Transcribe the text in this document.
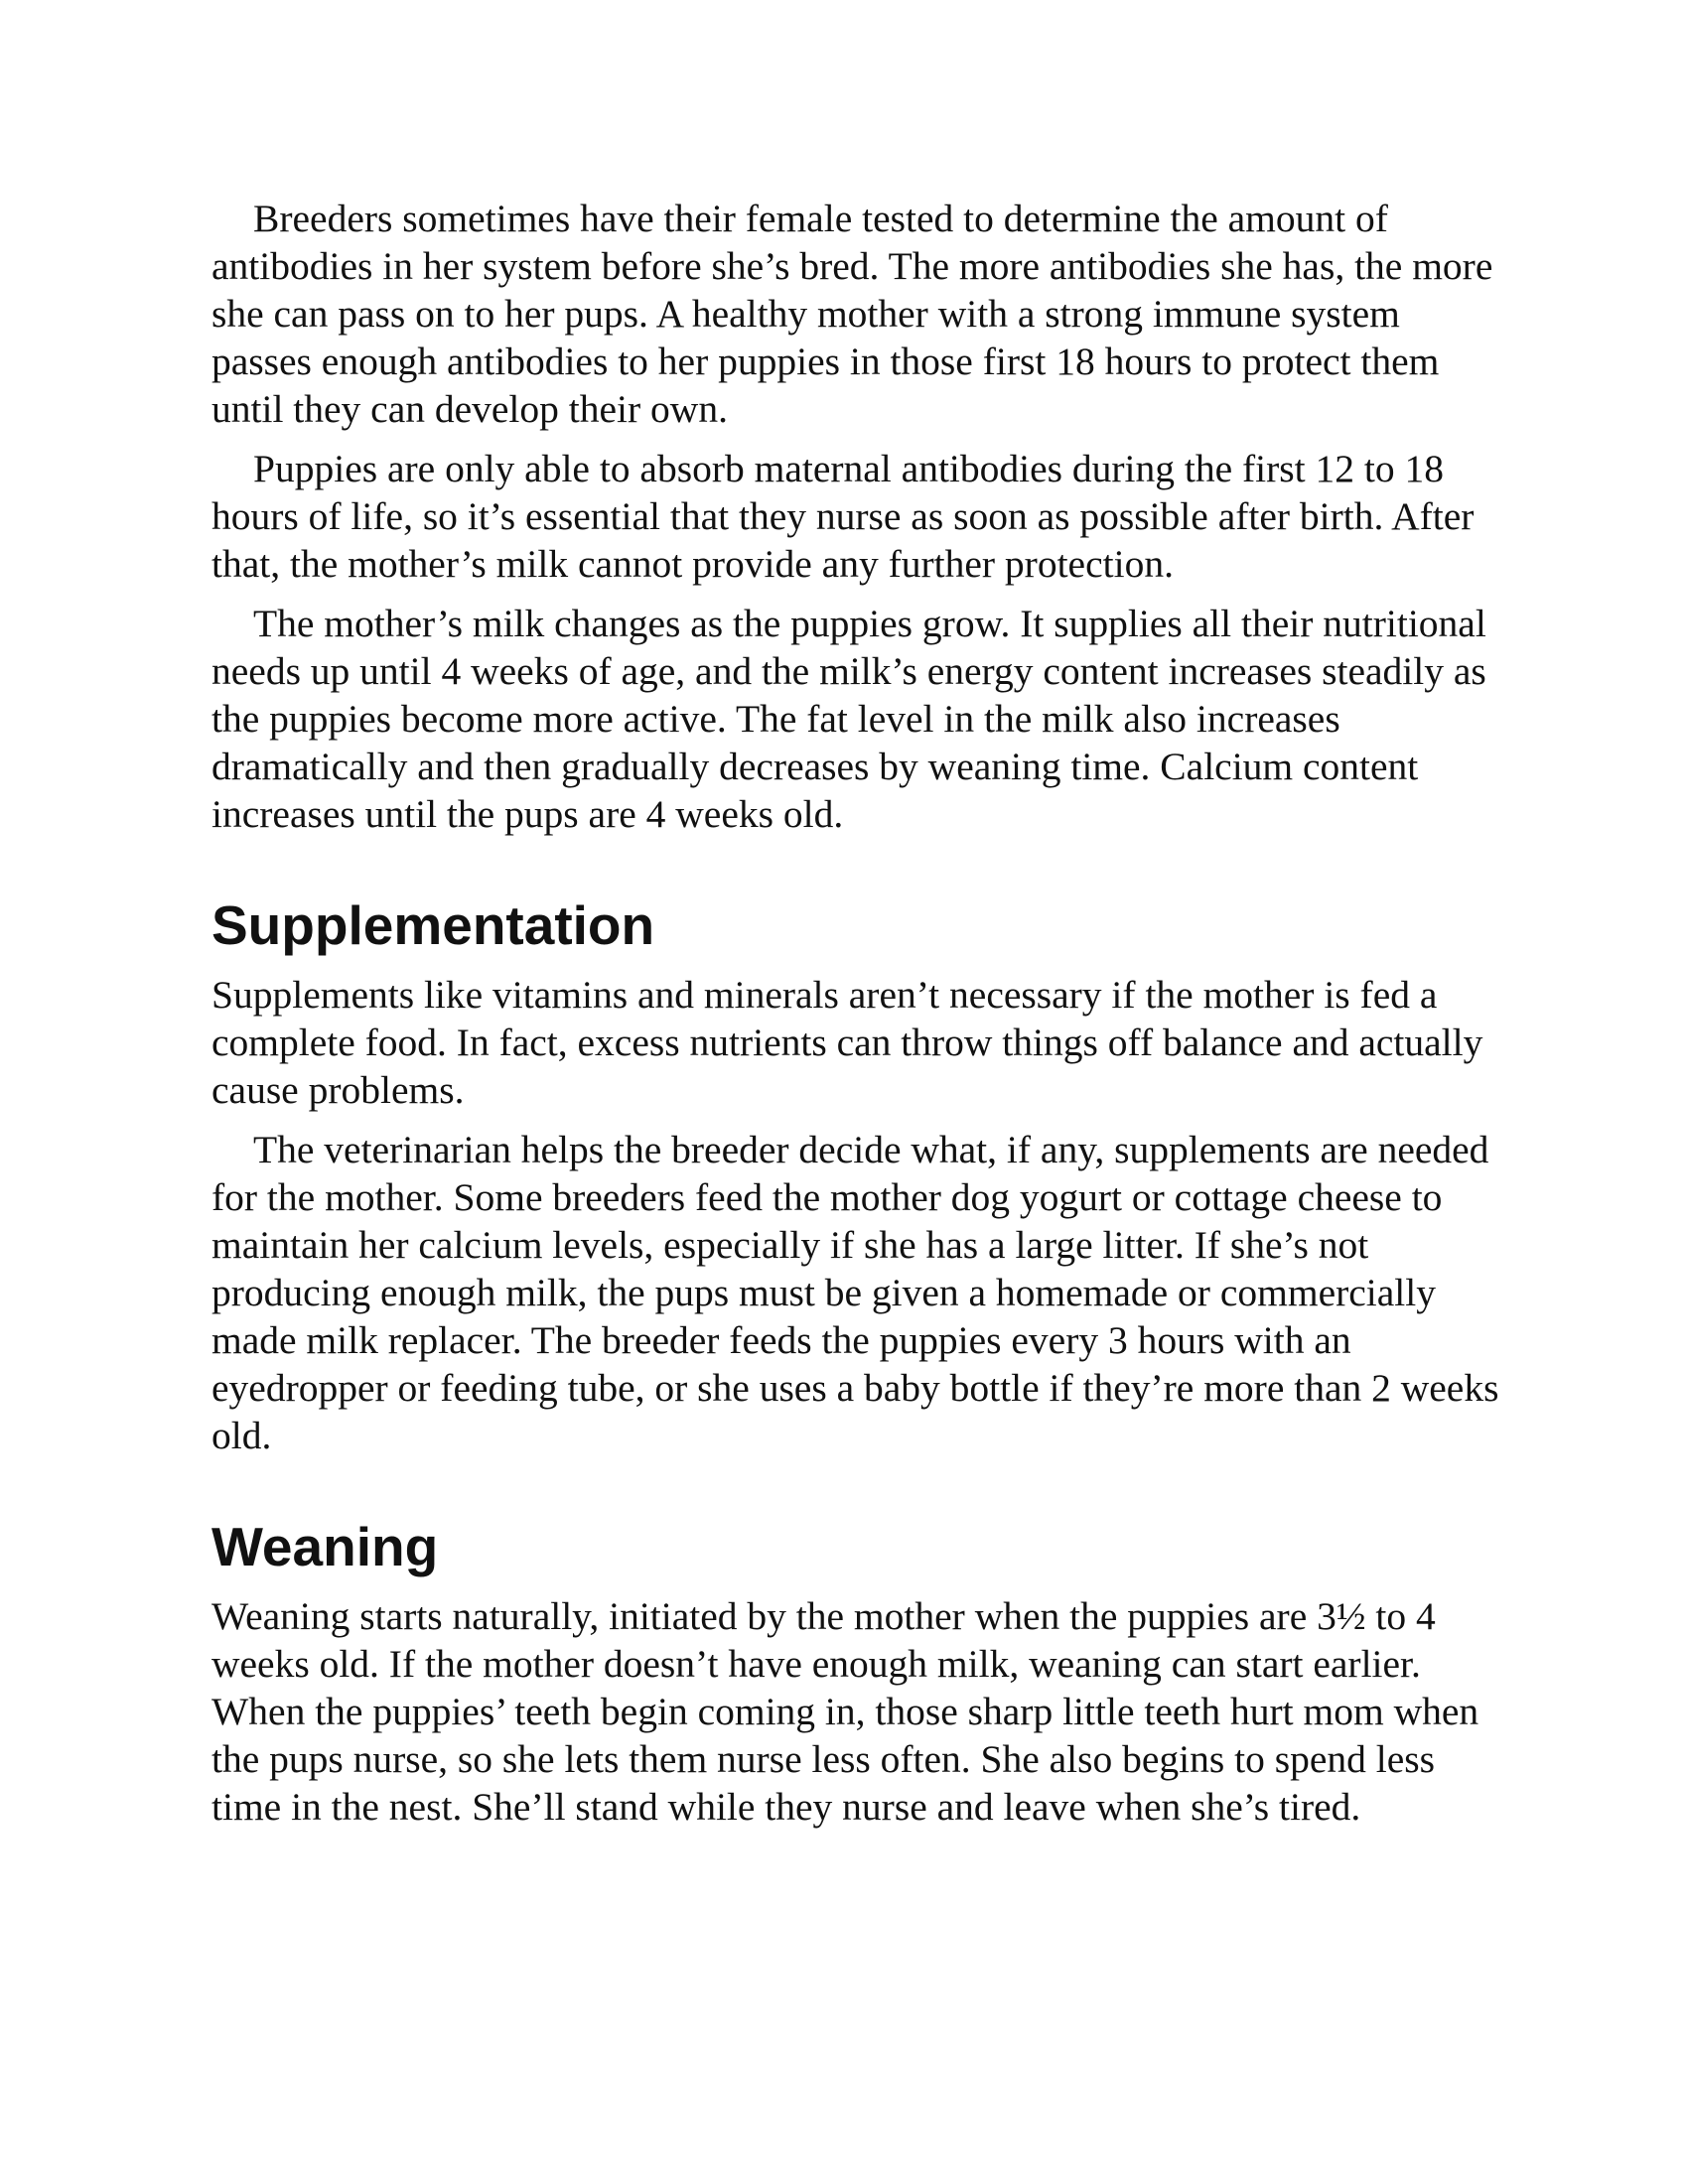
Breeders sometimes have their female tested to determine the amount of antibodies in her system before she’s bred. The more antibodies she has, the more she can pass on to her pups. A healthy mother with a strong immune system passes enough antibodies to her puppies in those first 18 hours to protect them until they can develop their own.

Puppies are only able to absorb maternal antibodies during the first 12 to 18 hours of life, so it’s essential that they nurse as soon as possible after birth. After that, the mother’s milk cannot provide any further protection.

The mother’s milk changes as the puppies grow. It supplies all their nutritional needs up until 4 weeks of age, and the milk’s energy content increases steadily as the puppies become more active. The fat level in the milk also increases dramatically and then gradually decreases by weaning time. Calcium content increases until the pups are 4 weeks old.

Supplementation

Supplements like vitamins and minerals aren’t necessary if the mother is fed a complete food. In fact, excess nutrients can throw things off balance and actually cause problems.

The veterinarian helps the breeder decide what, if any, supplements are needed for the mother. Some breeders feed the mother dog yogurt or cottage cheese to maintain her calcium levels, especially if she has a large litter. If she’s not producing enough milk, the pups must be given a homemade or commercially made milk replacer. The breeder feeds the puppies every 3 hours with an eyedropper or feeding tube, or she uses a baby bottle if they’re more than 2 weeks old.

Weaning

Weaning starts naturally, initiated by the mother when the puppies are 3½ to 4 weeks old. If the mother doesn’t have enough milk, weaning can start earlier. When the puppies’ teeth begin coming in, those sharp little teeth hurt mom when the pups nurse, so she lets them nurse less often. She also begins to spend less time in the nest. She’ll stand while they nurse and leave when she’s tired.
